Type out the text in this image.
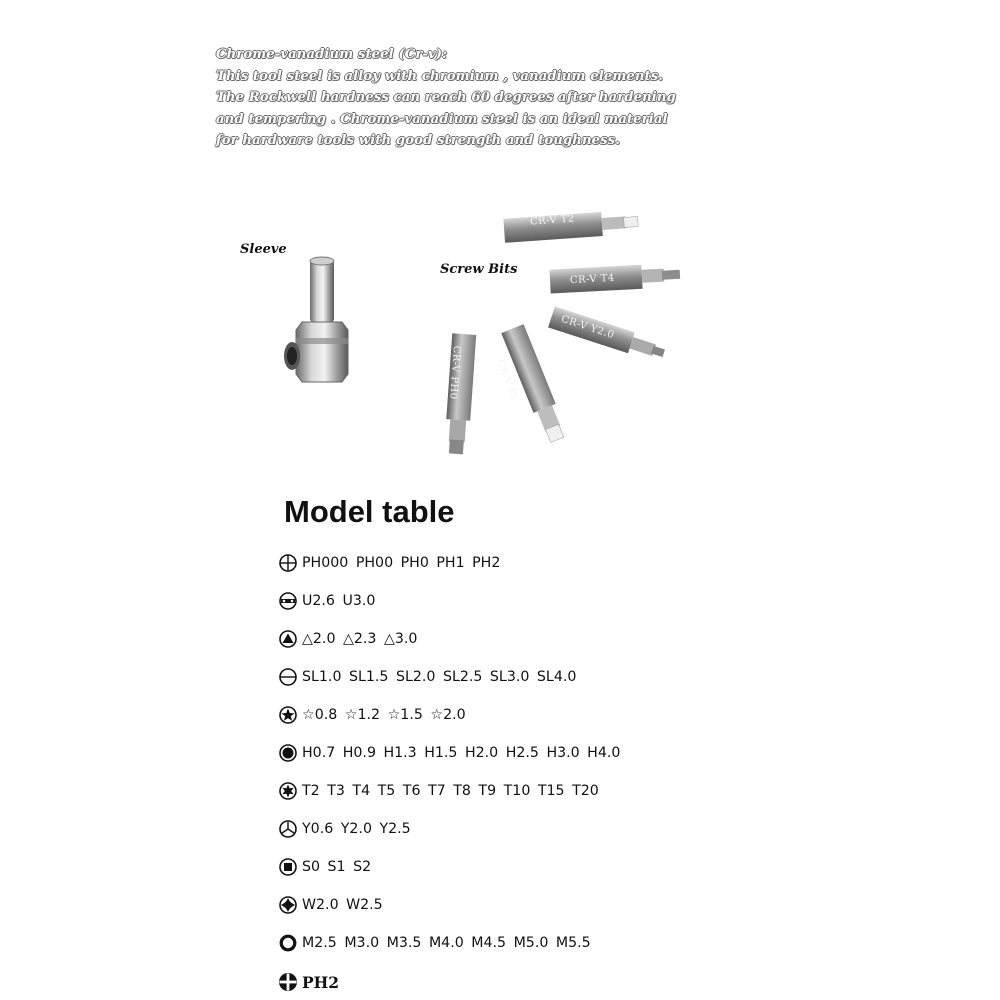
Chrome-vanadium steel (Cr-v):
This tool steel is alloy with chromium , vanadium elements.
The Rockwell hardness can reach 60 degrees after hardening
and tempering . Chrome-vanadium steel is an ideal material
for hardware tools with good strength and toughness.
Sleeve
Screw Bits
CR-V T2
CR-V T4
CR-V Y2.0
CR-V I5
CR-V PH0
Model table
PH000 PH00 PH0 PH1 PH2
U2.6 U3.0
△2.0 △2.3 △3.0
SL1.0 SL1.5 SL2.0 SL2.5 SL3.0 SL4.0
☆0.8 ☆1.2 ☆1.5 ☆2.0
H0.7 H0.9 H1.3 H1.5 H2.0 H2.5 H3.0 H4.0
T2 T3 T4 T5 T6 T7 T8 T9 T10 T15 T20
Y0.6 Y2.0 Y2.5
S0 S1 S2
W2.0 W2.5
M2.5 M3.0 M3.5 M4.0 M4.5 M5.0 M5.5
PH2
